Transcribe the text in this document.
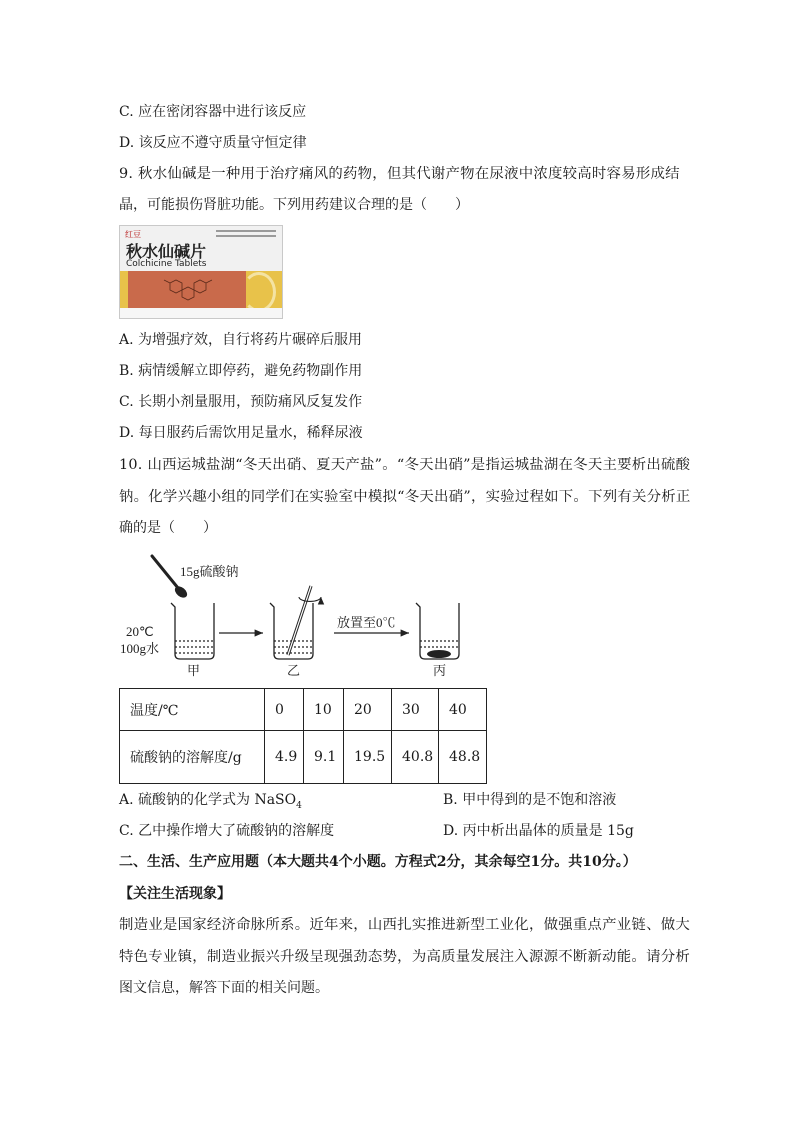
C. 应在密闭容器中进行该反应
D. 该反应不遵守质量守恒定律
9. 秋水仙碱是一种用于治疗痛风的药物，但其代谢产物在尿液中浓度较高时容易形成结
晶，可能损伤肾脏功能。下列用药建议合理的是（　　）
红豆
秋水仙碱片
Colchicine Tablets
A. 为增强疗效，自行将药片碾碎后服用
B. 病情缓解立即停药，避免药物副作用
C. 长期小剂量服用，预防痛风反复发作
D. 每日服药后需饮用足量水，稀释尿液
10. 山西运城盐湖“冬天出硝、夏天产盐”。“冬天出硝”是指运城盐湖在冬天主要析出硫酸
钠。化学兴趣小组的同学们在实验室中模拟“冬天出硝”，实验过程如下。下列有关分析正
确的是（　　）
15g硫酸钠
20℃
100g水
甲	乙
放置至0℃
丙
温度/℃	0	10	20	30	40
硫酸钠的溶解度/g	4.9	9.1	19.5	40.8	48.8
A. 硫酸钠的化学式为 NaSO$_4$	B. 甲中得到的是不饱和溶液
C. 乙中操作增大了硫酸钠的溶解度	D. 丙中析出晶体的质量是 15g
二、生活、生产应用题（本大题共4个小题。方程式2分，其余每空1分。共10分。）
【关注生活现象】
制造业是国家经济命脉所系。近年来，山西扎实推进新型工业化，做强重点产业链、做大
特色专业镇，制造业振兴升级呈现强劲态势，为高质量发展注入源源不断新动能。请分析
图文信息，解答下面的相关问题。
